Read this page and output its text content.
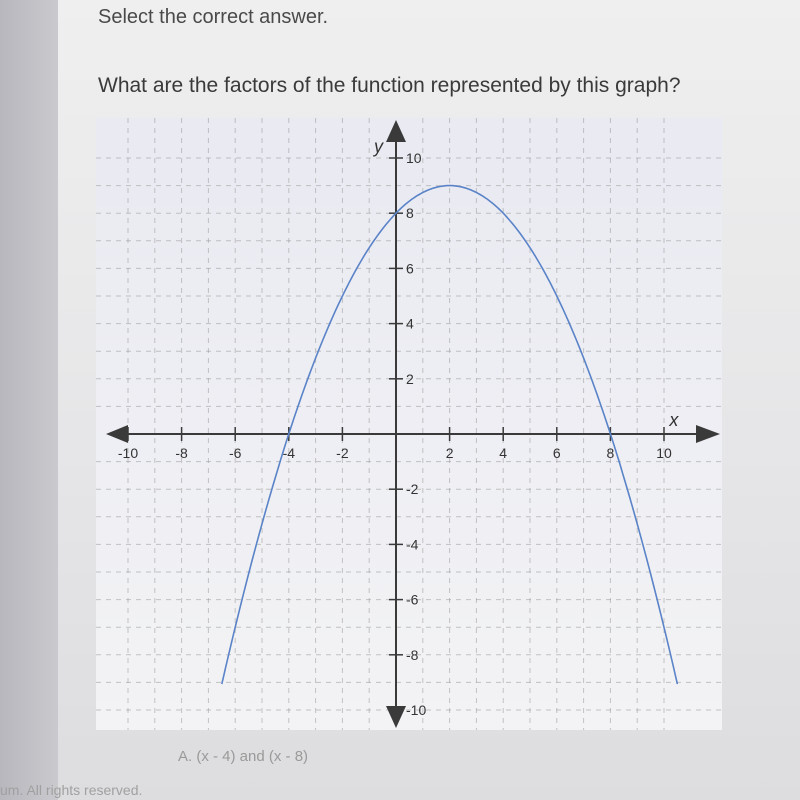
Select the correct answer.
What are the factors of the function represented by this graph?
x
y
-10	-8	-6	-4	-2	2	4	6	8	10
-10
-8
-6
-4
-2
2
4
6
8
10
A. (x - 4) and (x - 8)
um. All rights reserved.
